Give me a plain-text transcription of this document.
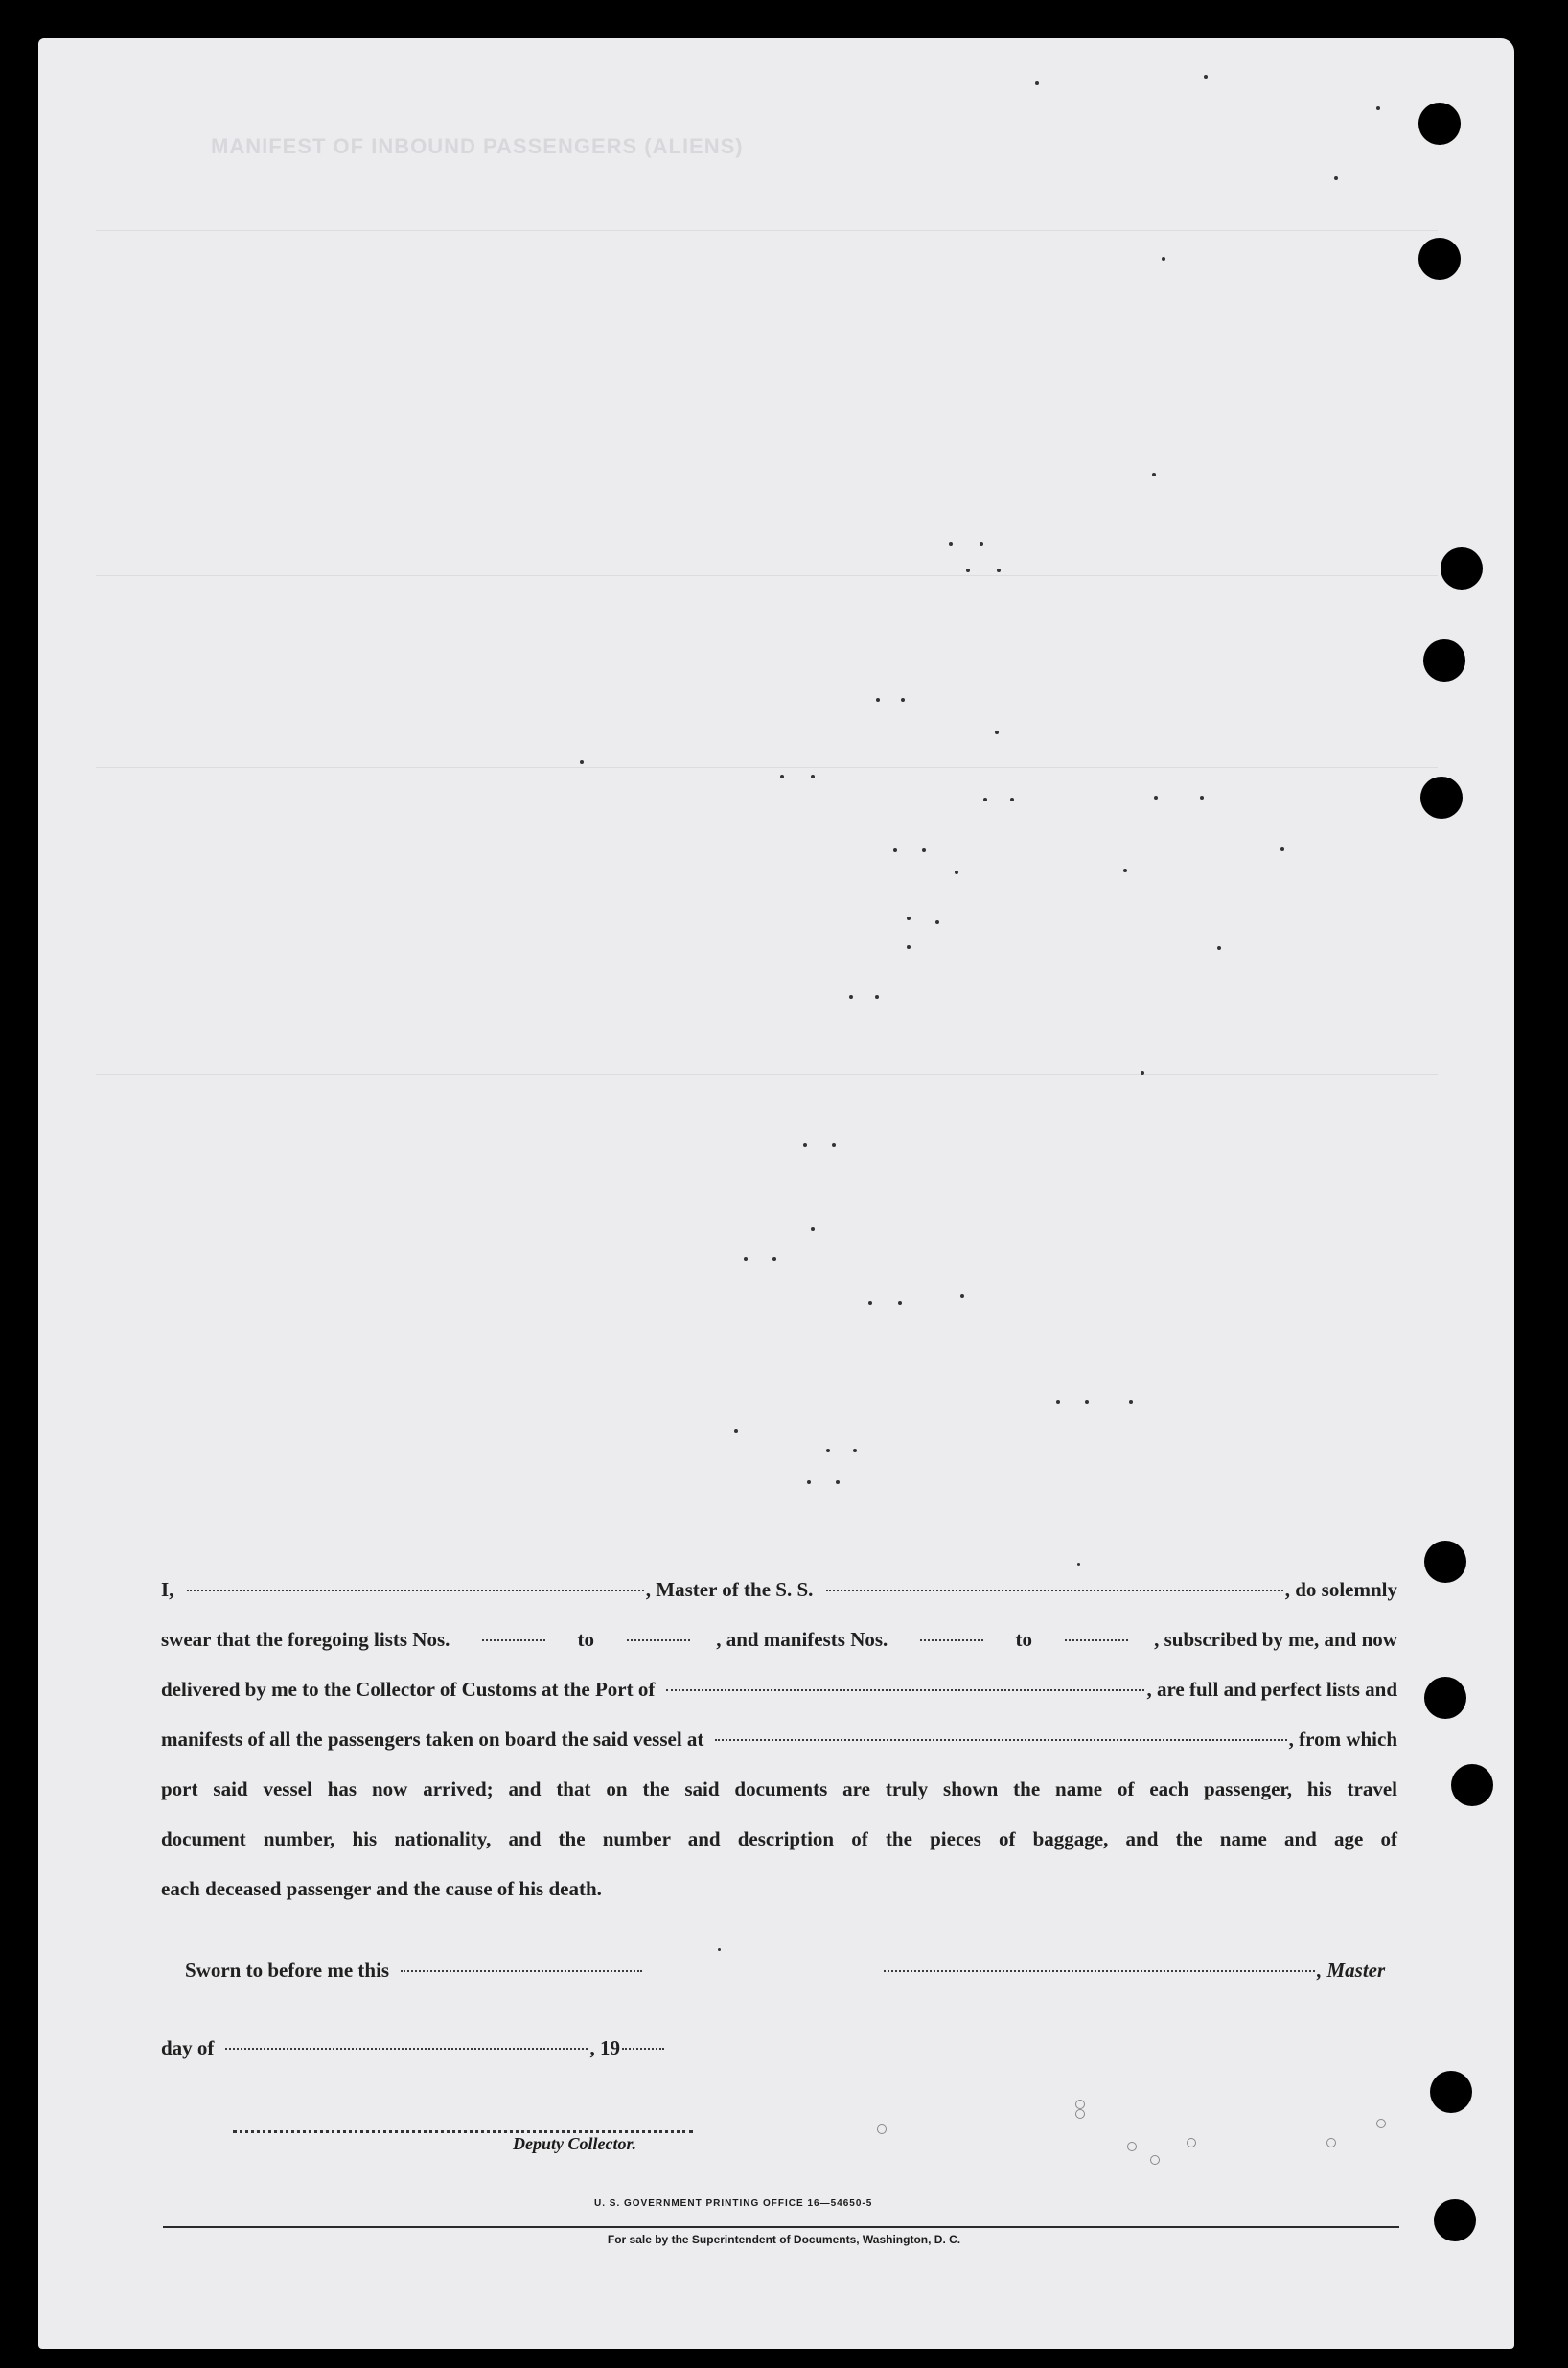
MANIFEST OF INBOUND PASSENGERS (ALIENS)
I,	, Master of the S. S.	, do solemnly
swear that the foregoing lists Nos.	to	, and manifests Nos.	to	, subscribed by me, and now
delivered by me to the Collector of Customs at the Port of	, are full and perfect lists and
manifests of all the passengers taken on board the said vessel at	, from which
port said vessel has now arrived; and that on the said documents are truly shown the name of each passenger, his travel
document number, his nationality, and the number and description of the pieces of baggage, and the name and age of
each deceased passenger and the cause of his death.
Sworn to before me this	, Master
day of	, 19
Deputy Collector.
U. S. GOVERNMENT PRINTING OFFICE 16—54650-5
For sale by the Superintendent of Documents, Washington, D. C.
